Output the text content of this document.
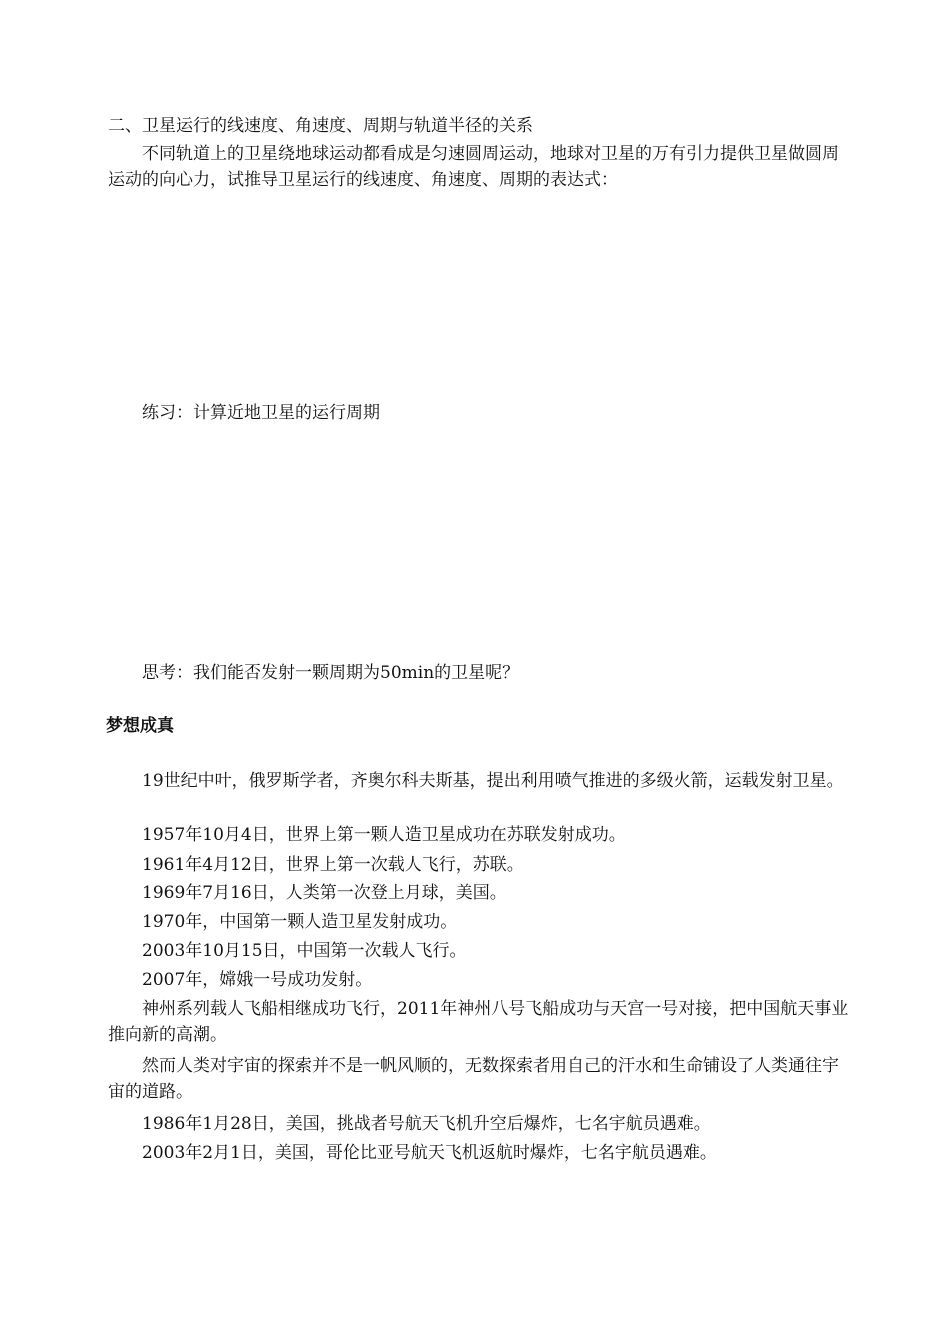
二、卫星运行的线速度、角速度、周期与轨道半径的关系
不同轨道上的卫星绕地球运动都看成是匀速圆周运动，地球对卫星的万有引力提供卫星做圆周运动的向心力，试推导卫星运行的线速度、角速度、周期的表达式：
练习：计算近地卫星的运行周期
思考：我们能否发射一颗周期为50min的卫星呢？
梦想成真
19世纪中叶，俄罗斯学者，齐奥尔科夫斯基，提出利用喷气推进的多级火箭，运载发射卫星。
1957年10月4日，世界上第一颗人造卫星成功在苏联发射成功。
1961年4月12日，世界上第一次载人飞行，苏联。
1969年7月16日，人类第一次登上月球，美国。
1970年，中国第一颗人造卫星发射成功。
2003年10月15日，中国第一次载人飞行。
2007年，嫦娥一号成功发射。
神州系列载人飞船相继成功飞行，2011年神州八号飞船成功与天宫一号对接，把中国航天事业推向新的高潮。
然而人类对宇宙的探索并不是一帆风顺的，无数探索者用自己的汗水和生命铺设了人类通往宇宙的道路。
1986年1月28日，美国，挑战者号航天飞机升空后爆炸，七名宇航员遇难。
2003年2月1日，美国，哥伦比亚号航天飞机返航时爆炸，七名宇航员遇难。
